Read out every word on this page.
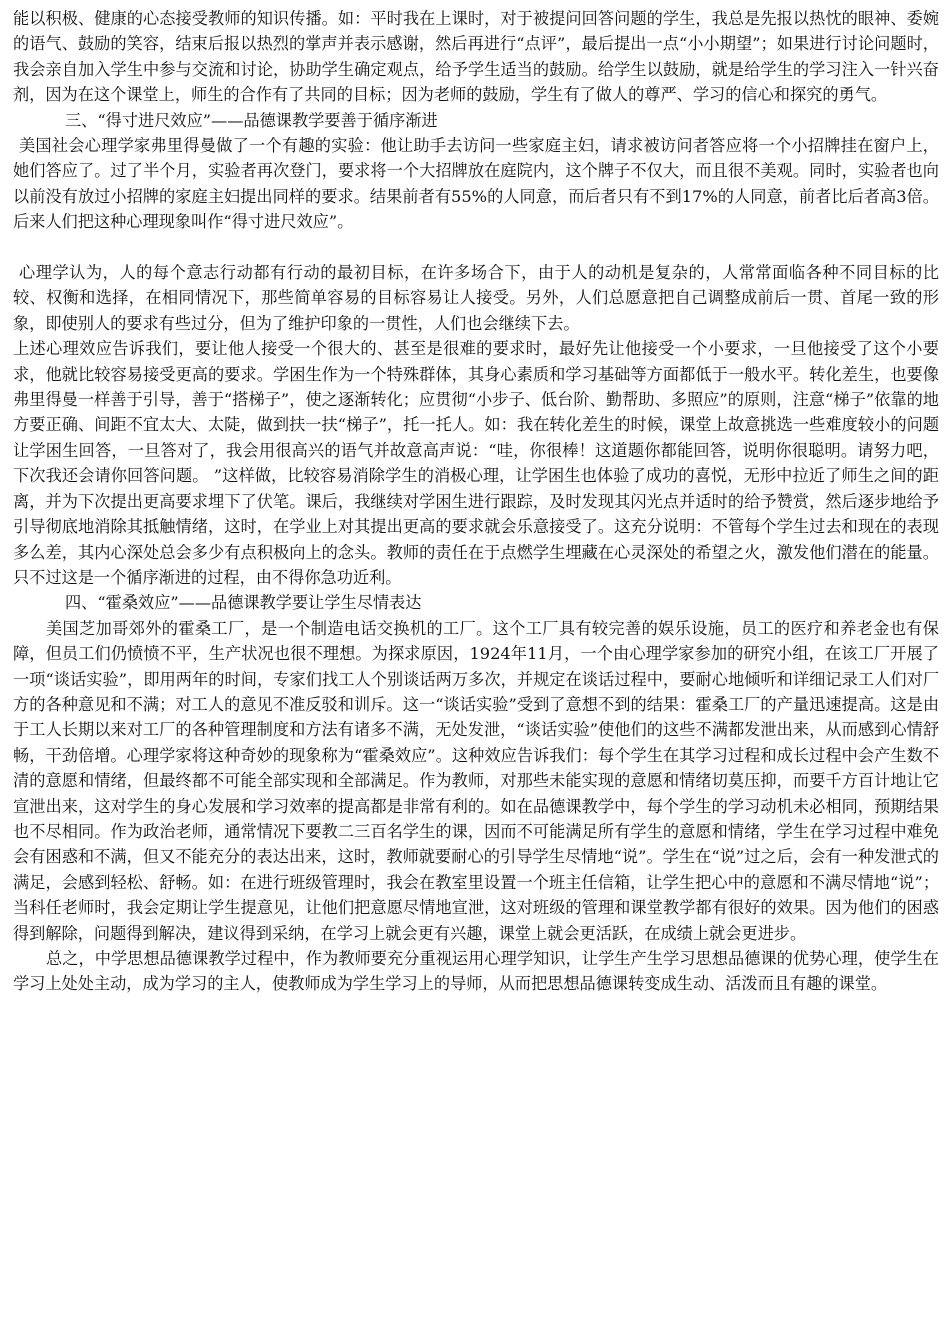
能以积极、健康的心态接受教师的知识传播。如：平时我在上课时，对于被提问回答问题的学生，我总是先报以热忱的眼神、委婉的语气、鼓励的笑容，结束后报以热烈的掌声并表示感谢，然后再进行“点评”，最后提出一点“小小期望”；如果进行讨论问题时，我会亲自加入学生中参与交流和讨论，协助学生确定观点，给予学生适当的鼓励。给学生以鼓励，就是给学生的学习注入一针兴奋剂，因为在这个课堂上，师生的合作有了共同的目标；因为老师的鼓励，学生有了做人的尊严、学习的信心和探究的勇气。

三、“得寸进尺效应”——品德课教学要善于循序渐进

美国社会心理学家弗里得曼做了一个有趣的实验：他让助手去访问一些家庭主妇，请求被访问者答应将一个小招牌挂在窗户上，她们答应了。过了半个月，实验者再次登门，要求将一个大招牌放在庭院内，这个牌子不仅大，而且很不美观。同时，实验者也向以前没有放过小招牌的家庭主妇提出同样的要求。结果前者有55%的人同意，而后者只有不到17%的人同意，前者比后者高3倍。后来人们把这种心理现象叫作“得寸进尺效应”。

心理学认为，人的每个意志行动都有行动的最初目标，在许多场合下，由于人的动机是复杂的，人常常面临各种不同目标的比较、权衡和选择，在相同情况下，那些简单容易的目标容易让人接受。另外，人们总愿意把自己调整成前后一贯、首尾一致的形象，即使别人的要求有些过分，但为了维护印象的一贯性，人们也会继续下去。

上述心理效应告诉我们，要让他人接受一个很大的、甚至是很难的要求时，最好先让他接受一个小要求，一旦他接受了这个小要求，他就比较容易接受更高的要求。学困生作为一个特殊群体，其身心素质和学习基础等方面都低于一般水平。转化差生，也要像弗里得曼一样善于引导，善于“搭梯子”，使之逐渐转化；应贯彻“小步子、低台阶、勤帮助、多照应”的原则，注意“梯子”依靠的地方要正确、间距不宜太大、太陡，做到扶一扶“梯子”，托一托人。如：我在转化差生的时候，课堂上故意挑选一些难度较小的问题让学困生回答，一旦答对了，我会用很高兴的语气并故意高声说：“哇，你很棒！这道题你都能回答，说明你很聪明。请努力吧，下次我还会请你回答问题。 ”这样做，比较容易消除学生的消极心理，让学困生也体验了成功的喜悦，无形中拉近了师生之间的距离，并为下次提出更高要求埋下了伏笔。课后，我继续对学困生进行跟踪，及时发现其闪光点并适时的给予赞赏，然后逐步地给予引导彻底地消除其抵触情绪，这时，在学业上对其提出更高的要求就会乐意接受了。这充分说明：不管每个学生过去和现在的表现多么差，其内心深处总会多少有点积极向上的念头。教师的责任在于点燃学生埋藏在心灵深处的希望之火，激发他们潜在的能量。只不过这是一个循序渐进的过程，由不得你急功近利。

四、“霍桑效应”——品德课教学要让学生尽情表达

美国芝加哥郊外的霍桑工厂，是一个制造电话交换机的工厂。这个工厂具有较完善的娱乐设施，员工的医疗和养老金也有保障，但员工们仍愤愤不平，生产状况也很不理想。为探求原因，1924年11月，一个由心理学家参加的研究小组，在该工厂开展了一项“谈话实验”，即用两年的时间，专家们找工人个别谈话两万多次，并规定在谈话过程中，要耐心地倾听和详细记录工人们对厂方的各种意见和不满；对工人的意见不准反驳和训斥。这一“谈话实验”受到了意想不到的结果：霍桑工厂的产量迅速提高。这是由于工人长期以来对工厂的各种管理制度和方法有诸多不满，无处发泄，“谈话实验”使他们的这些不满都发泄出来，从而感到心情舒畅，干劲倍增。心理学家将这种奇妙的现象称为“霍桑效应”。这种效应告诉我们：每个学生在其学习过程和成长过程中会产生数不清的意愿和情绪，但最终都不可能全部实现和全部满足。作为教师，对那些未能实现的意愿和情绪切莫压抑，而要千方百计地让它宣泄出来，这对学生的身心发展和学习效率的提高都是非常有利的。如在品德课教学中，每个学生的学习动机未必相同，预期结果也不尽相同。作为政治老师，通常情况下要教二三百名学生的课，因而不可能满足所有学生的意愿和情绪，学生在学习过程中难免会有困惑和不满，但又不能充分的表达出来，这时，教师就要耐心的引导学生尽情地“说”。学生在“说”过之后，会有一种发泄式的满足，会感到轻松、舒畅。如：在进行班级管理时，我会在教室里设置一个班主任信箱，让学生把心中的意愿和不满尽情地“说”；当科任老师时，我会定期让学生提意见，让他们把意愿尽情地宣泄，这对班级的管理和课堂教学都有很好的效果。因为他们的困惑得到解除，问题得到解决，建议得到采纳，在学习上就会更有兴趣，课堂上就会更活跃，在成绩上就会更进步。

总之，中学思想品德课教学过程中，作为教师要充分重视运用心理学知识，让学生产生学习思想品德课的优势心理，使学生在学习上处处主动，成为学习的主人，使教师成为学生学习上的导师，从而把思想品德课转变成生动、活泼而且有趣的课堂。
